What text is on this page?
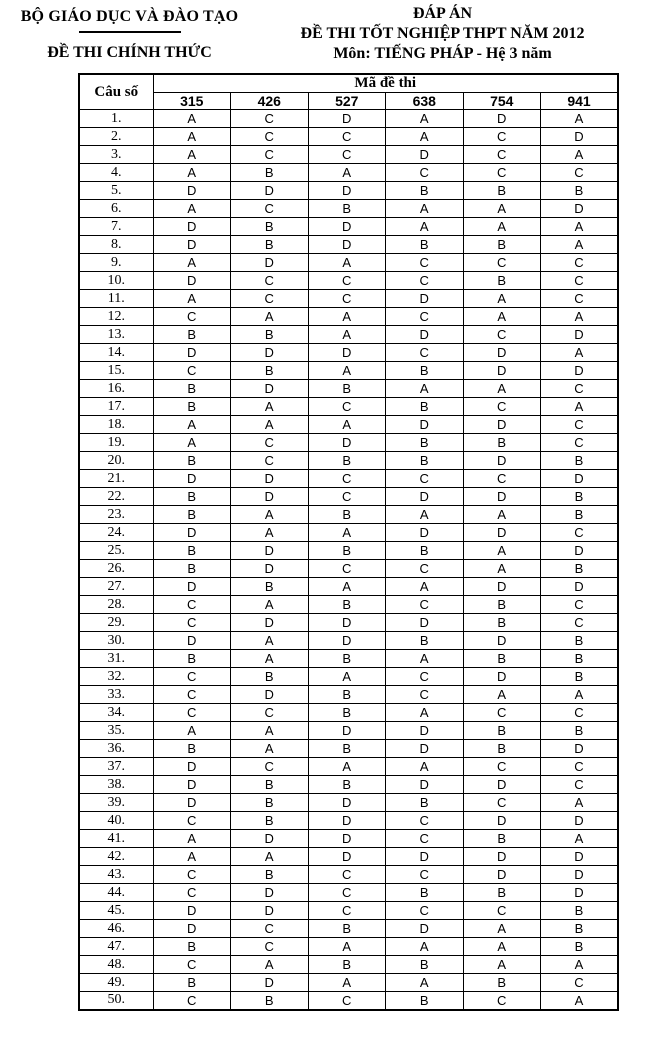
BỘ GIÁO DỤC VÀ ĐÀO TẠO
ĐỀ THI CHÍNH THỨC
ĐÁP ÁN
ĐỀ THI TỐT NGHIỆP THPT NĂM 2012
Môn: TIẾNG PHÁP - Hệ 3 năm
Câu số	Mã đề thi					
	315	426	527	638	754	941
1.	A	C	D	A	D	A
2.	A	C	C	A	C	D
3.	A	C	C	D	C	A
4.	A	B	A	C	C	C
5.	D	D	D	B	B	B
6.	A	C	B	A	A	D
7.	D	B	D	A	A	A
8.	D	B	D	B	B	A
9.	A	D	A	C	C	C
10.	D	C	C	C	B	C
11.	A	C	C	D	A	C
12.	C	A	A	C	A	A
13.	B	B	A	D	C	D
14.	D	D	D	C	D	A
15.	C	B	A	B	D	D
16.	B	D	B	A	A	C
17.	B	A	C	B	C	A
18.	A	A	A	D	D	C
19.	A	C	D	B	B	C
20.	B	C	B	B	D	B
21.	D	D	C	C	C	D
22.	B	D	C	D	D	B
23.	B	A	B	A	A	B
24.	D	A	A	D	D	C
25.	B	D	B	B	A	D
26.	B	D	C	C	A	B
27.	D	B	A	A	D	D
28.	C	A	B	C	B	C
29.	C	D	D	D	B	C
30.	D	A	D	B	D	B
31.	B	A	B	A	B	B
32.	C	B	A	C	D	B
33.	C	D	B	C	A	A
34.	C	C	B	A	C	C
35.	A	A	D	D	B	B
36.	B	A	B	D	B	D
37.	D	C	A	A	C	C
38.	D	B	B	D	D	C
39.	D	B	D	B	C	A
40.	C	B	D	C	D	D
41.	A	D	D	C	B	A
42.	A	A	D	D	D	D
43.	C	B	C	C	D	D
44.	C	D	C	B	B	D
45.	D	D	C	C	C	B
46.	D	C	B	D	A	B
47.	B	C	A	A	A	B
48.	C	A	B	B	A	A
49.	B	D	A	A	B	C
50.	C	B	C	B	C	A
